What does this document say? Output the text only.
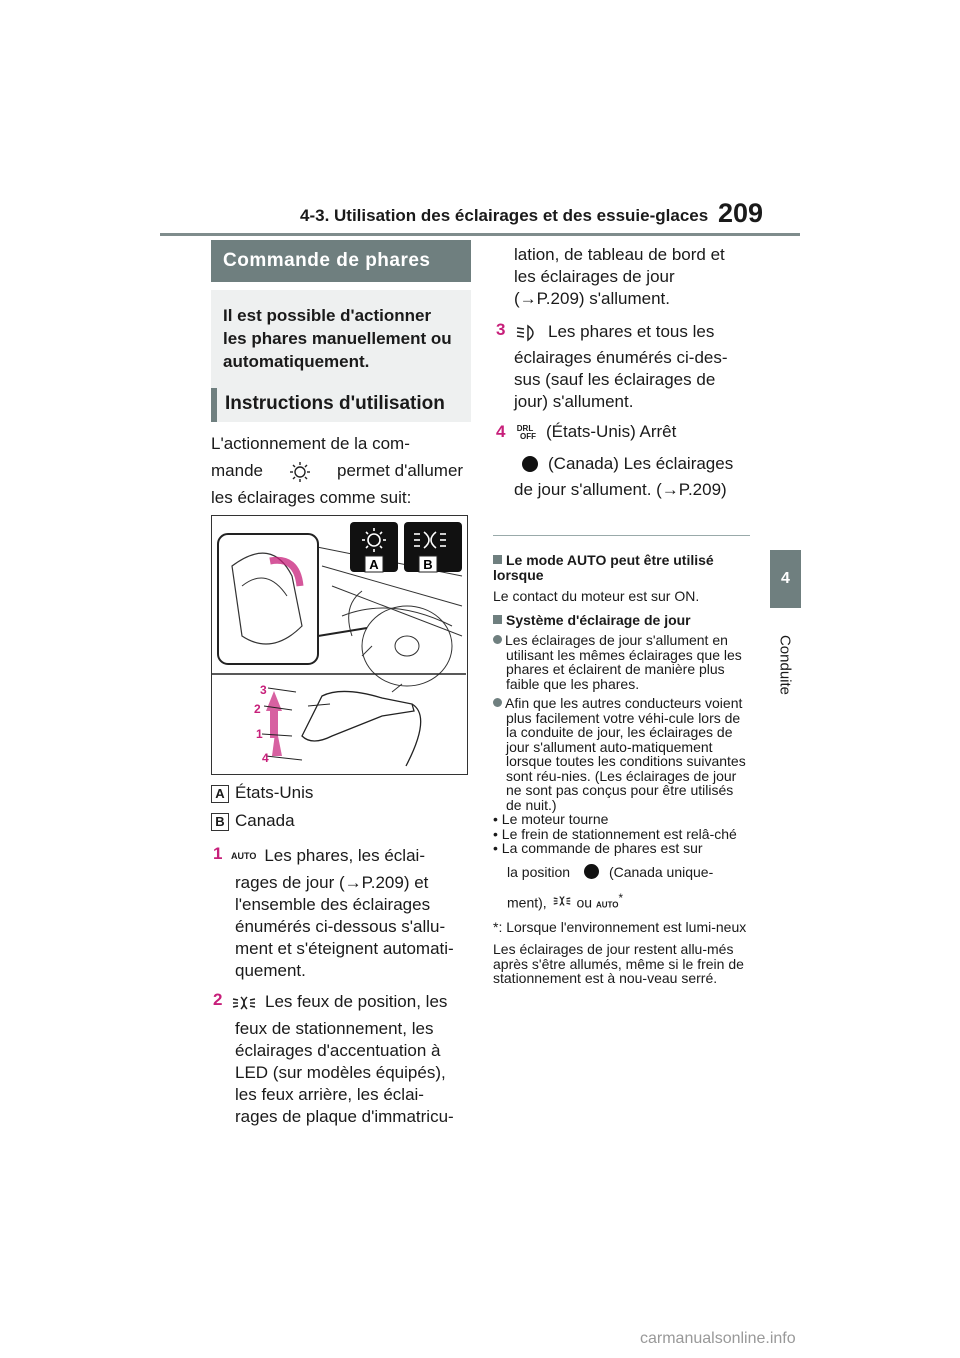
4-3. Utilisation des éclairages et des essuie-glaces 209
4
Conduite
Commande de phares
Il est possible d'actionner les phares manuellement ou automatiquement.
Instructions d'utilisation
L'actionnement de la com-
mande	permet d'allumer
les éclairages comme suit:
A	B
3
2
1
4
A États-Unis
B Canada
1 AUTO Les phares, les éclai-
rages de jour (→P.209) et
l'ensemble des éclairages
énumérés ci-dessous s'allu-
ment et s'éteignent automati-
quement.
2	Les feux de position, les
feux de stationnement, les
éclairages d'accentuation à
LED (sur modèles équipés),
les feux arrière, les éclai-
rages de plaque d'immatricu-
lation, de tableau de bord et
les éclairages de jour
(→P.209) s'allument.
3	Les phares et tous les
éclairages énumérés ci-des-
sus (sauf les éclairages de
jour) s'allument.
4	DRL
OFF (États-Unis) Arrêt
(Canada) Les éclairages
de jour s'allument. (→P.209)
Le mode AUTO peut être utilisé lorsque
Le contact du moteur est sur ON.
Système d'éclairage de jour
Les éclairages de jour s'allument en utilisant les mêmes éclairages que les phares et éclairent de manière plus faible que les phares.
Afin que les autres conducteurs voient plus facilement votre véhi-cule lors de la conduite de jour, les éclairages de jour s'allument auto-matiquement lorsque toutes les conditions suivantes sont réu-nies. (Les éclairages de jour ne sont pas conçus pour être utilisés de nuit.)
• Le moteur tourne
• Le frein de stationnement est relâ-ché
• La commande de phares est sur
la position	(Canada unique-
ment), ou AUTO*
*: Lorsque l'environnement est lumi-neux
Les éclairages de jour restent allu-més après s'être allumés, même si le frein de stationnement est à nou-veau serré.
carmanualsonline.info
